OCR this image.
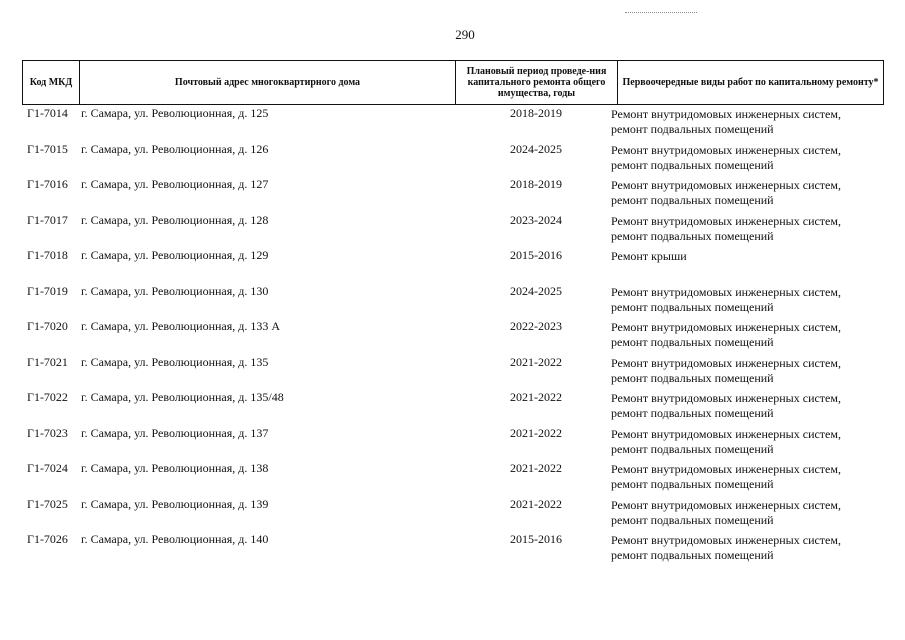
290
Код МКД	Почтовый адрес многоквартирного дома
Плановый период проведе-ния капитального ремонта общего имущества, годы
Первоочередные виды работ по капитальному ремонту*
Г1-7014 г. Самара, ул. Революционная, д. 125	2018-2019	Ремонт внутридомовых инженерных систем,
ремонт подвальных помещений
Г1-7015 г. Самара, ул. Революционная, д. 126	2024-2025	Ремонт внутридомовых инженерных систем,
ремонт подвальных помещений
Г1-7016 г. Самара, ул. Революционная, д. 127	2018-2019	Ремонт внутридомовых инженерных систем,
ремонт подвальных помещений
Г1-7017 г. Самара, ул. Революционная, д. 128	2023-2024	Ремонт внутридомовых инженерных систем,
ремонт подвальных помещений
Г1-7018 г. Самара, ул. Революционная, д. 129	2015-2016	Ремонт крыши
Г1-7019 г. Самара, ул. Революционная, д. 130	2024-2025	Ремонт внутридомовых инженерных систем,
ремонт подвальных помещений
Г1-7020 г. Самара, ул. Революционная, д. 133 А	2022-2023	Ремонт внутридомовых инженерных систем,
ремонт подвальных помещений
Г1-7021 г. Самара, ул. Революционная, д. 135	2021-2022	Ремонт внутридомовых инженерных систем,
ремонт подвальных помещений
Г1-7022 г. Самара, ул. Революционная, д. 135/48	2021-2022	Ремонт внутридомовых инженерных систем,
ремонт подвальных помещений
Г1-7023 г. Самара, ул. Революционная, д. 137	2021-2022	Ремонт внутридомовых инженерных систем,
ремонт подвальных помещений
Г1-7024 г. Самара, ул. Революционная, д. 138	2021-2022	Ремонт внутридомовых инженерных систем,
ремонт подвальных помещений
Г1-7025 г. Самара, ул. Революционная, д. 139	2021-2022	Ремонт внутридомовых инженерных систем,
ремонт подвальных помещений
Г1-7026 г. Самара, ул. Революционная, д. 140	2015-2016	Ремонт внутридомовых инженерных систем,
ремонт подвальных помещений
